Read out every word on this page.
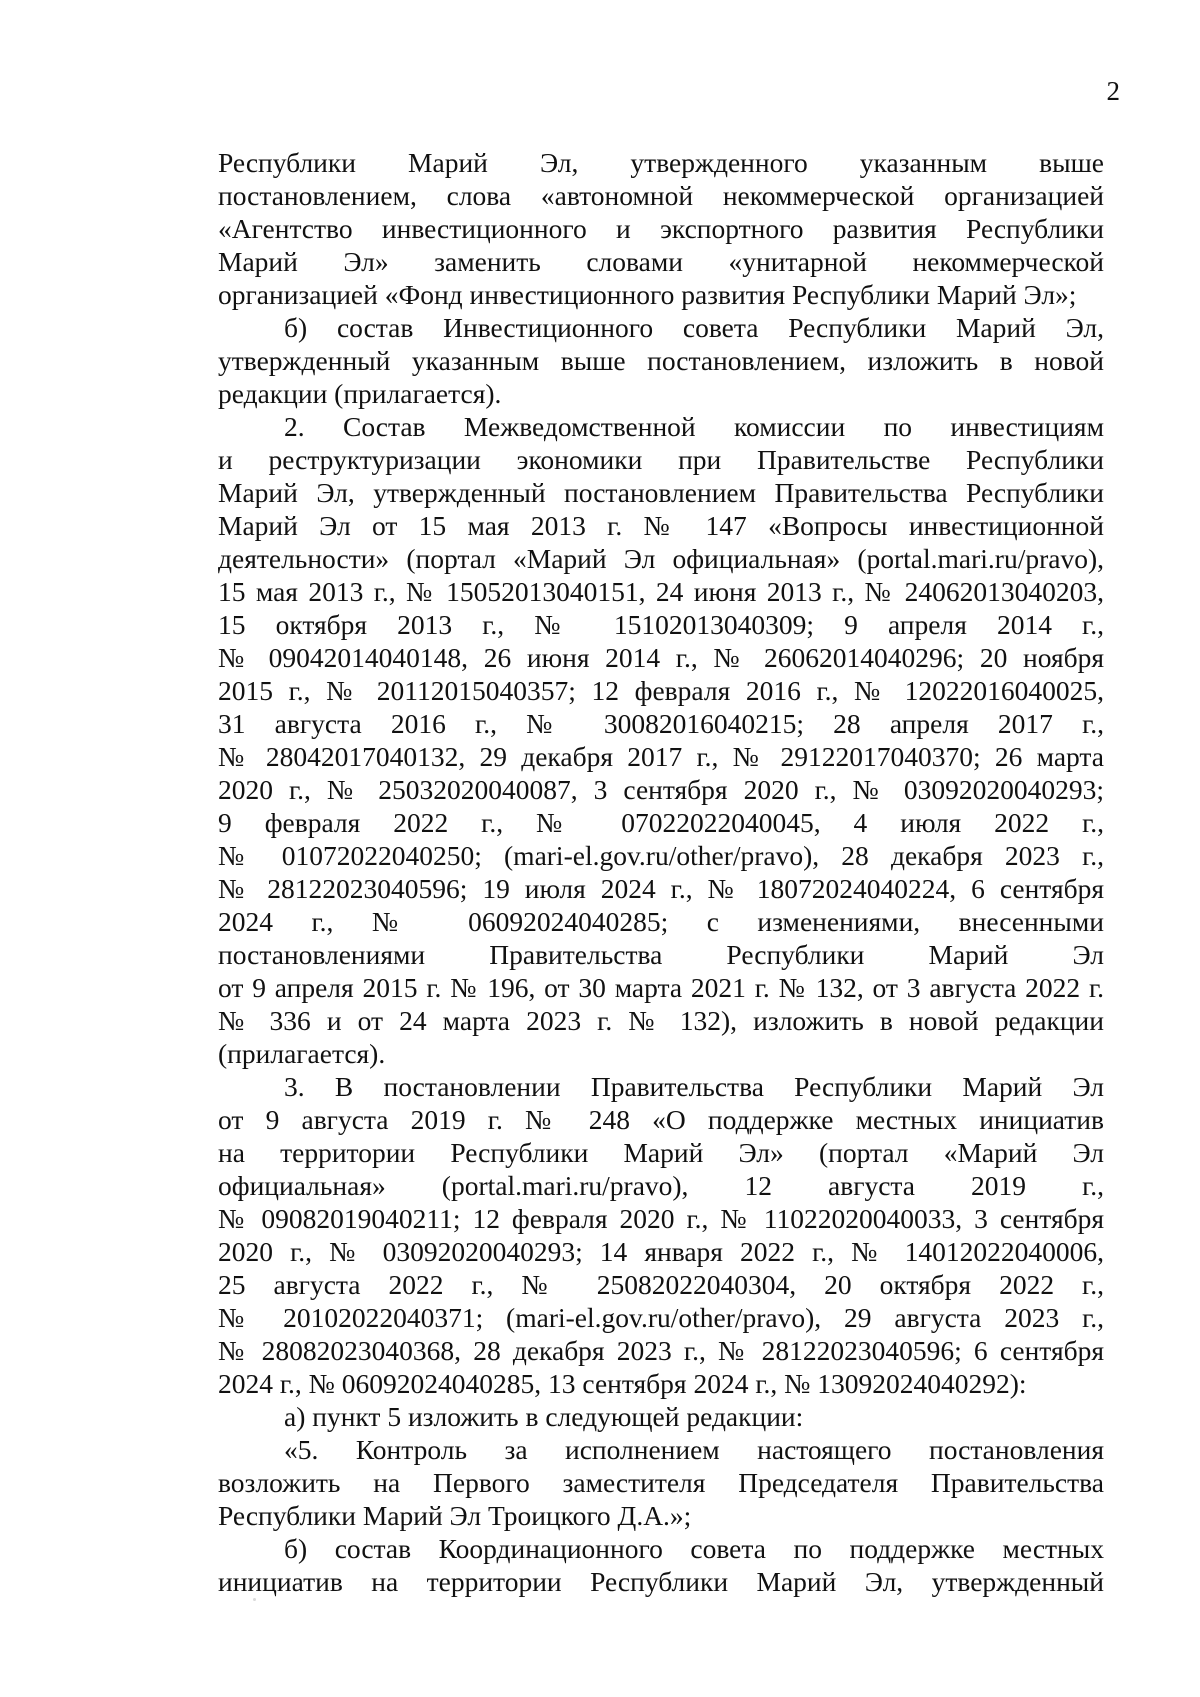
2
Республики Марий Эл, утвержденного указанным выше
постановлением, слова «автономной некоммерческой организацией
«Агентство инвестиционного и экспортного развития Республики
Марий Эл» заменить словами «унитарной некоммерческой
организацией «Фонд инвестиционного развития Республики Марий Эл»;
б) состав Инвестиционного совета Республики Марий Эл,
утвержденный указанным выше постановлением, изложить в новой
редакции (прилагается).
2. Состав Межведомственной комиссии по инвестициям
и реструктуризации экономики при Правительстве Республики
Марий Эл, утвержденный постановлением Правительства Республики
Марий Эл от 15 мая 2013 г. № 147 «Вопросы инвестиционной
деятельности» (портал «Марий Эл официальная» (portal.mari.ru/pravo),
15 мая 2013 г., № 15052013040151, 24 июня 2013 г., № 24062013040203,
15 октября 2013 г., № 15102013040309; 9 апреля 2014 г.,
№ 09042014040148, 26 июня 2014 г., № 26062014040296; 20 ноября
2015 г., № 20112015040357; 12 февраля 2016 г., № 12022016040025,
31 августа 2016 г., № 30082016040215; 28 апреля 2017 г.,
№ 28042017040132, 29 декабря 2017 г., № 29122017040370; 26 марта
2020 г., № 25032020040087, 3 сентября 2020 г., № 03092020040293;
9 февраля 2022 г., № 07022022040045, 4 июля 2022 г.,
№ 01072022040250; (mari-el.gov.ru/other/pravo), 28 декабря 2023 г.,
№ 28122023040596; 19 июля 2024 г., № 18072024040224, 6 сентября
2024 г., № 06092024040285; с изменениями, внесенными
постановлениями Правительства Республики Марий Эл
от 9 апреля 2015 г. № 196, от 30 марта 2021 г. № 132, от 3 августа 2022 г.
№ 336 и от 24 марта 2023 г. № 132), изложить в новой редакции
(прилагается).
3. В постановлении Правительства Республики Марий Эл
от 9 августа 2019 г. № 248 «О поддержке местных инициатив
на территории Республики Марий Эл» (портал «Марий Эл
официальная» (portal.mari.ru/pravo), 12 августа 2019 г.,
№ 09082019040211; 12 февраля 2020 г., № 11022020040033, 3 сентября
2020 г., № 03092020040293; 14 января 2022 г., № 14012022040006,
25 августа 2022 г., № 25082022040304, 20 октября 2022 г.,
№ 20102022040371; (mari-el.gov.ru/other/pravo), 29 августа 2023 г.,
№ 28082023040368, 28 декабря 2023 г., № 28122023040596; 6 сентября
2024 г., № 06092024040285, 13 сентября 2024 г., № 13092024040292):
а) пункт 5 изложить в следующей редакции:
«5. Контроль за исполнением настоящего постановления
возложить на Первого заместителя Председателя Правительства
Республики Марий Эл Троицкого Д.А.»;
б) состав Координационного совета по поддержке местных
инициатив на территории Республики Марий Эл, утвержденный
